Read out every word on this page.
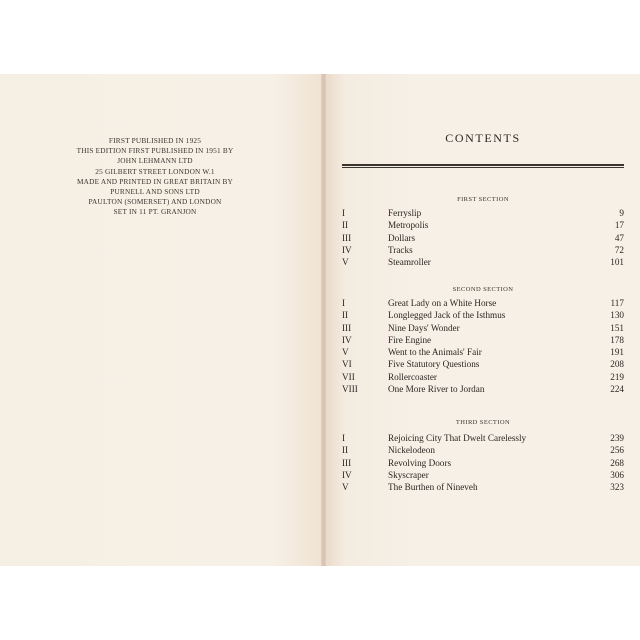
FIRST PUBLISHED IN 1925
THIS EDITION FIRST PUBLISHED IN 1951 BY
JOHN LEHMANN LTD
25 GILBERT STREET LONDON W.1
MADE AND PRINTED IN GREAT BRITAIN BY
PURNELL AND SONS LTD
PAULTON (SOMERSET) AND LONDON
SET IN 11 PT. GRANJON
CONTENTS
FIRST SECTION
I	Ferryslip	9
II	Metropolis	17
III	Dollars	47
IV	Tracks	72
V	Steamroller	101
SECOND SECTION
I	Great Lady on a White Horse	117
II	Longlegged Jack of the Isthmus	130
III	Nine Days' Wonder	151
IV	Fire Engine	178
V	Went to the Animals' Fair	191
VI	Five Statutory Questions	208
VII	Rollercoaster	219
VIII	One More River to Jordan	224
THIRD SECTION
I	Rejoicing City That Dwelt Carelessly	239
II	Nickelodeon	256
III	Revolving Doors	268
IV	Skyscraper	306
V	The Burthen of Nineveh	323
